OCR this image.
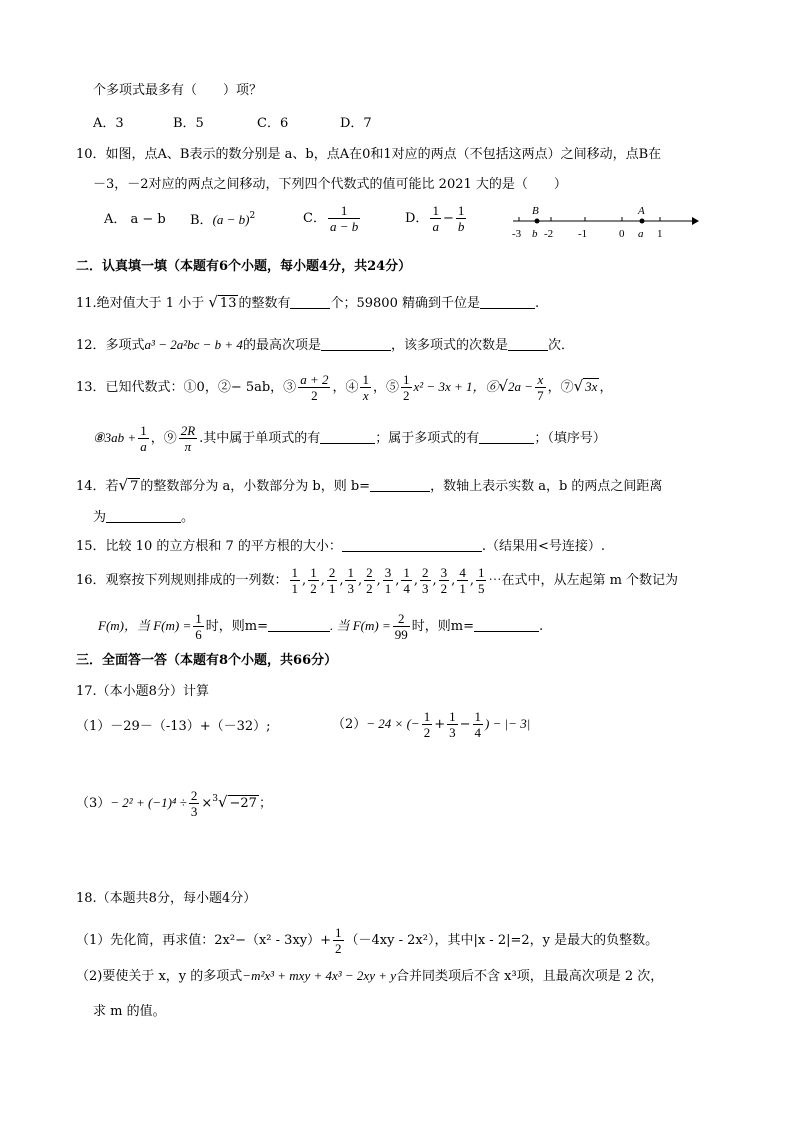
个多项式最多有（　　）项？
A．3	B．5	C．6	D．7
10．如图，点A、B表示的数分别是 a、b，点A在0和1对应的两点（不包括这两点）之间移动，点B在
－3，－2对应的两点之间移动，下列四个代数式的值可能比 2021 大的是（　　）
A． a − b B．$(a - b)^2$	C． $\frac{1}{a - b}$	D． $\frac{1}{a} - \frac{1}{b}$	B	A
-3 b -2 -1	0 a 1
二．认真填一填（本题有6个小题，每小题4分，共24分）
11.绝对值大于 1 小于 √ 13 的整数有	个；59800 精确到千位是	.
12．多项式a³ − 2a²bc − b + 4的最高次项是	，该多项式的次数是	次．
13．已知代数式：①0，②− 5ab，③ $\frac{a + 2}{2}$ ，④ $\frac{1}{x}$ ，⑤ $\frac{1}{2} x^2 - 3x + 1$，⑥√2a − $\frac{x}{7}$ ，⑦√ 3x ，
⑧3ab + $\frac{1}{a}$ ，⑨ $\frac{2R}{\pi}$ .其中属于单项式的有	；属于多项式的有	；（填序号）
14．若√ 7 的整数部分为 a，小数部分为 b，则 b=	，数轴上表示实数 a，b 的两点之间距离
为	。
15．比较 10 的立方根和 7 的平方根的大小：	.（结果用<号连接）.
16．观察按下列规则排成的一列数： $\frac{1}{1}$ , $\frac{1}{2}$ , $\frac{2}{1}$ , $\frac{1}{3}$ , $\frac{2}{2}$ , $\frac{3}{1}$ , $\frac{1}{4}$ , $\frac{2}{3}$ , $\frac{3}{2}$ , $\frac{4}{1}$ , $\frac{1}{5}$ ⋯在式中，从左起第 m 个数记为
F(m)，当 $F(m) = \frac{1}{6}$ 时，则m=	. 当 $F(m) = \frac{2}{99}$ 时，则m=	.
三．全面答一答（本题有8个小题，共66分）
17.（本小题8分）计算
（1）－29－（-13）+（－32）;	（2）− 24 × (− $\frac{1}{2} + \frac{1}{3} - \frac{1}{4}$ ) − |− 3|
$(3)- 2^2 + (-1)^4 \div \frac{2}{3} \times^3√ -27$ ；
18.（本题共8分，每小题4分）
（1）先化简，再求值：$2x^2-(x^2 - 3xy)+ \frac{1}{2} (-4xy - 2x^2)$，其中|x - 2|=2，y 是最大的负整数。
（2)要使关于 x，y 的多项式−m²x³ + mxy + 4x³ − 2xy + y合并同类项后不含 x³项，且最高次项是 2 次，
求 m 的值。
